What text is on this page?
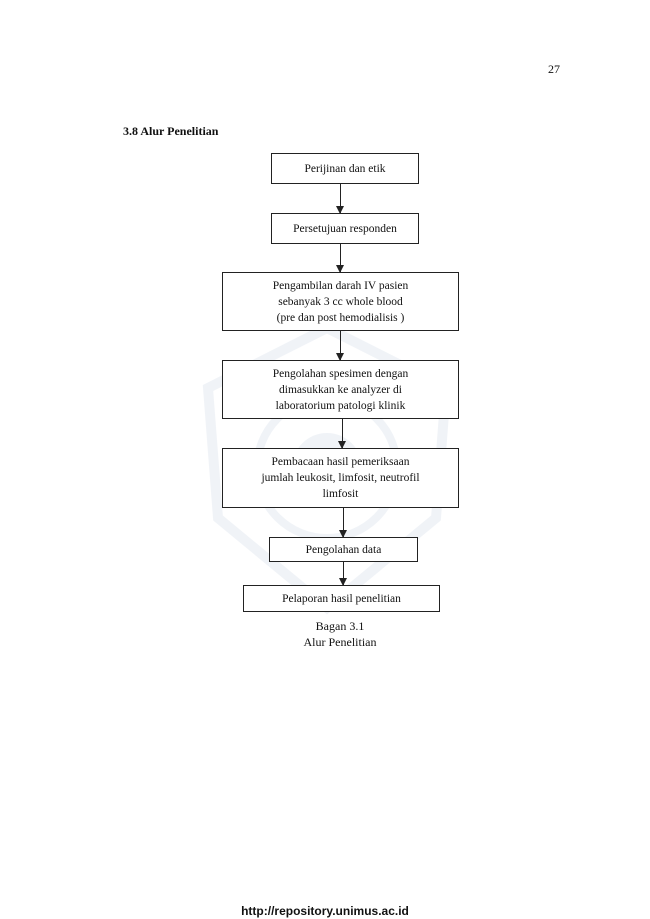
27
3.8 Alur Penelitian
Perijinan dan etik
Persetujuan responden
Pengambilan darah IV pasien
sebanyak 3 cc whole blood
(pre dan post hemodialisis )
Pengolahan spesimen dengan
dimasukkan ke analyzer di
laboratorium patologi klinik
Pembacaan hasil pemeriksaan
jumlah leukosit, limfosit, neutrofil
limfosit
Pengolahan data
Pelaporan hasil penelitian
Bagan 3.1
Alur Penelitian
http://repository.unimus.ac.id
